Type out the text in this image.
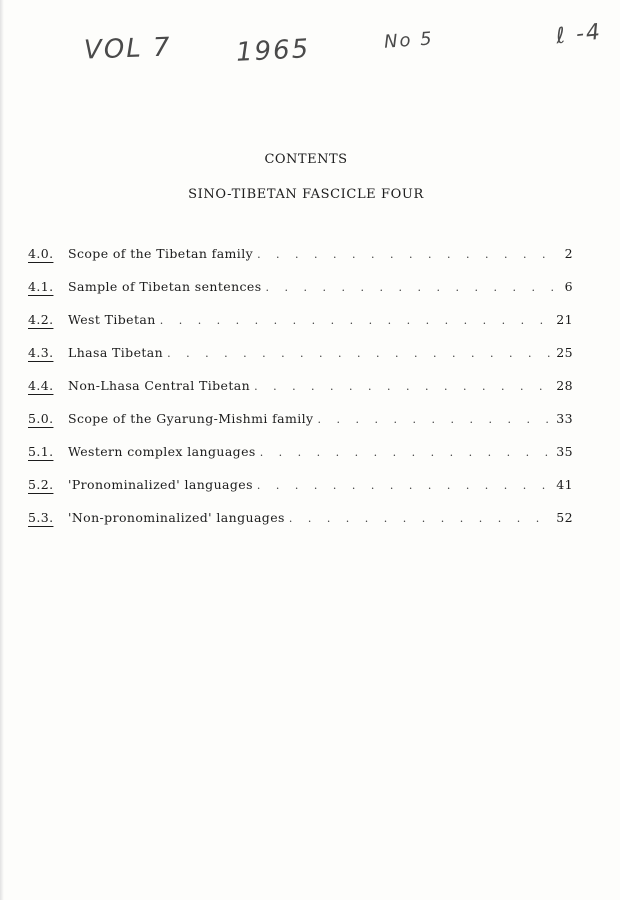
VOL 7 1965	No 5	ℓ ‑4
CONTENTS
SINO-TIBETAN FASCICLE FOUR
4.0.	Scope of the Tibetan family . . .	2
4.1.	Sample of Tibetan sentences . . .	6
4.2.	West Tibetan . . .	21
4.3.	Lhasa Tibetan . . .	25
4.4.	Non-Lhasa Central Tibetan . . .	28
5.0.	Scope of the Gyarung-Mishmi family . . .	33
5.1.	Western complex languages . . .	35
5.2.	'Pronominalized' languages . . .	41
5.3.	'Non-pronominalized' languages . . .	52
